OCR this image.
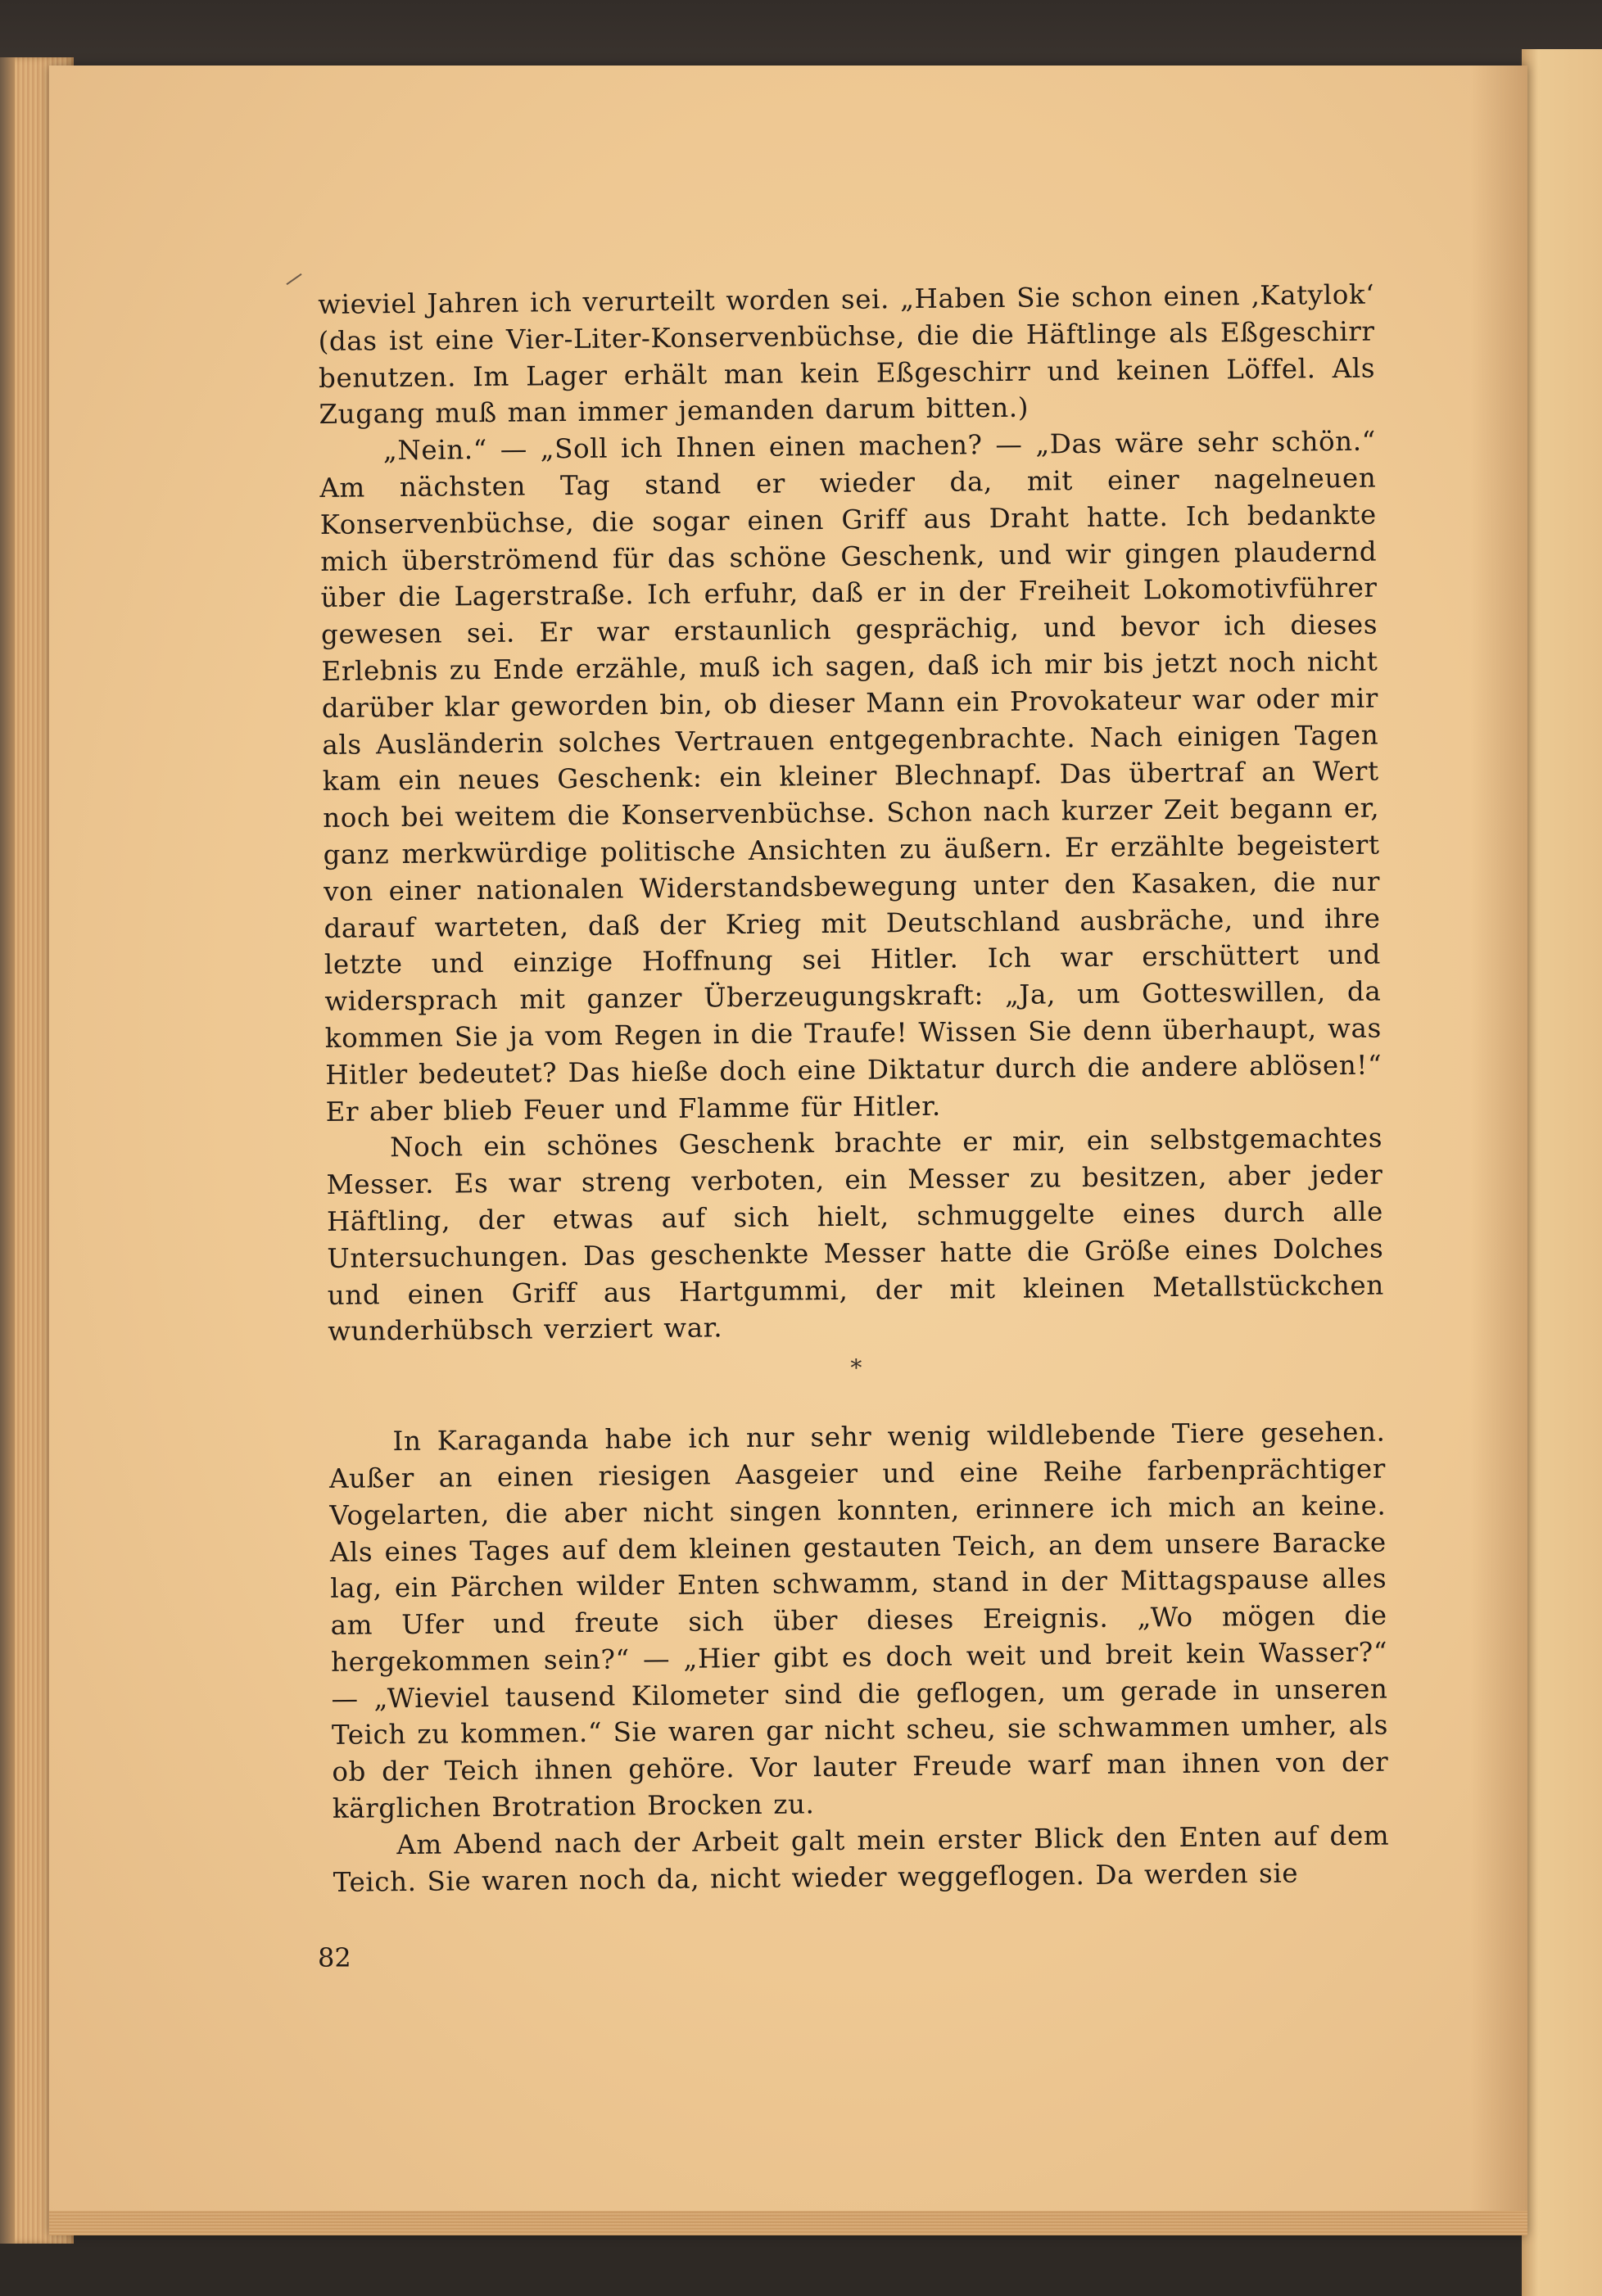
wieviel Jahren ich verurteilt worden sei. „Haben Sie schon einen ‚Katylok‘ (das ist eine Vier-Liter-Konservenbüchse, die die Häftlinge als Eßgeschirr benutzen. Im Lager erhält man kein Eßgeschirr und keinen Löffel. Als Zugang muß man immer jemanden darum bitten.)

„Nein.“ — „Soll ich Ihnen einen machen? — „Das wäre sehr schön.“ Am nächsten Tag stand er wieder da, mit einer nagelneuen Konservenbüchse, die sogar einen Griff aus Draht hatte. Ich bedankte mich überströmend für das schöne Geschenk, und wir gingen plaudernd über die Lagerstraße. Ich erfuhr, daß er in der Freiheit Lokomotivführer gewesen sei. Er war erstaunlich gesprächig, und bevor ich dieses Erlebnis zu Ende erzähle, muß ich sagen, daß ich mir bis jetzt noch nicht darüber klar geworden bin, ob dieser Mann ein Provokateur war oder mir als Ausländerin solches Vertrauen entgegenbrachte. Nach einigen Tagen kam ein neues Geschenk: ein kleiner Blechnapf. Das übertraf an Wert noch bei weitem die Konservenbüchse. Schon nach kurzer Zeit begann er, ganz merkwürdige politische Ansichten zu äußern. Er erzählte begeistert von einer nationalen Widerstandsbewegung unter den Kasaken, die nur darauf warteten, daß der Krieg mit Deutschland ausbräche, und ihre letzte und einzige Hoffnung sei Hitler. Ich war erschüttert und widersprach mit ganzer Überzeugungskraft: „Ja, um Gotteswillen, da kommen Sie ja vom Regen in die Traufe! Wissen Sie denn überhaupt, was Hitler bedeutet? Das hieße doch eine Diktatur durch die andere ablösen!“ Er aber blieb Feuer und Flamme für Hitler.

Noch ein schönes Geschenk brachte er mir, ein selbstgemachtes Messer. Es war streng verboten, ein Messer zu besitzen, aber jeder Häftling, der etwas auf sich hielt, schmuggelte eines durch alle Untersuchungen. Das geschenkte Messer hatte die Größe eines Dolches und einen Griff aus Hartgummi, der mit kleinen Metallstückchen wunderhübsch verziert war.

*

In Karaganda habe ich nur sehr wenig wildlebende Tiere gesehen. Außer an einen riesigen Aasgeier und eine Reihe farbenprächtiger Vogelarten, die aber nicht singen konnten, erinnere ich mich an keine. Als eines Tages auf dem kleinen gestauten Teich, an dem unsere Baracke lag, ein Pärchen wilder Enten schwamm, stand in der Mittagspause alles am Ufer und freute sich über dieses Ereignis. „Wo mögen die hergekommen sein?“ — „Hier gibt es doch weit und breit kein Wasser?“ — „Wieviel tausend Kilometer sind die geflogen, um gerade in unseren Teich zu kommen.“ Sie waren gar nicht scheu, sie schwammen umher, als ob der Teich ihnen gehöre. Vor lauter Freude warf man ihnen von der kärglichen Brotration Brocken zu.

Am Abend nach der Arbeit galt mein erster Blick den Enten auf dem Teich. Sie waren noch da, nicht wieder weggeflogen. Da werden sie

82
